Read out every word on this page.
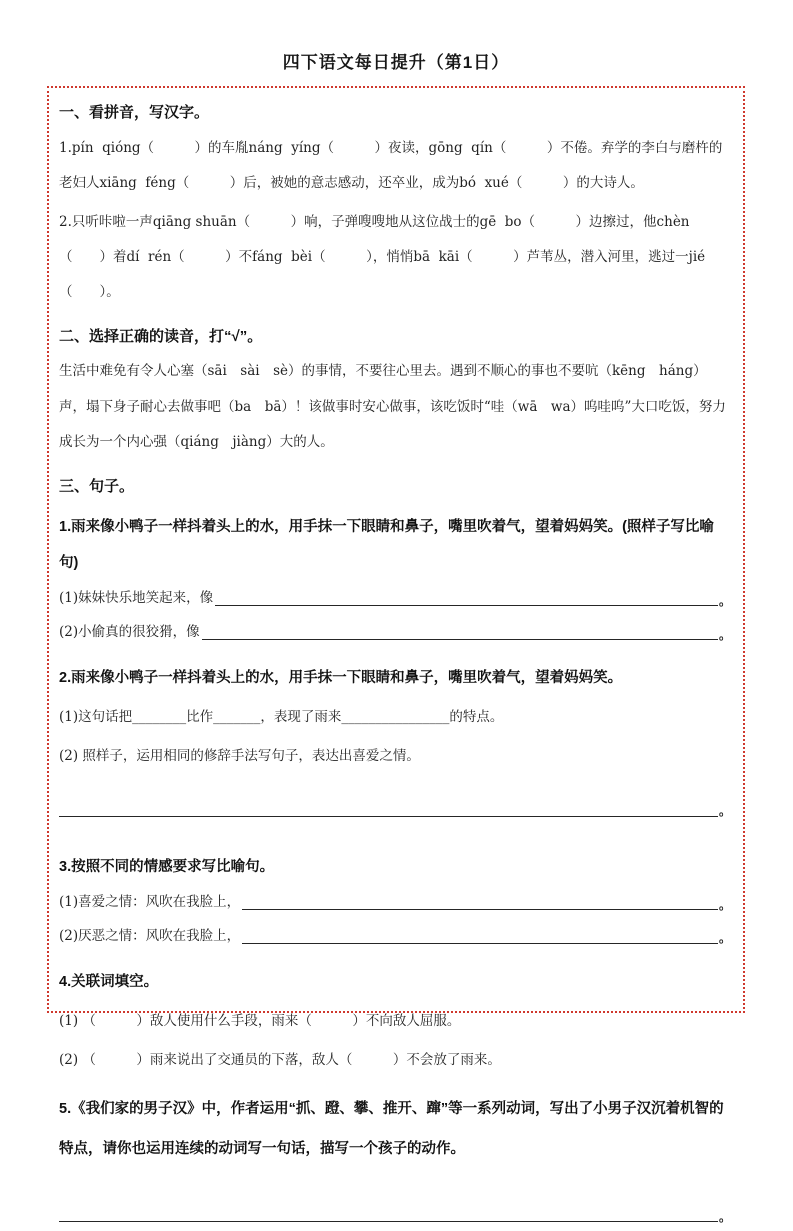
四下语文每日提升（第1日）
一、看拼音，写汉字。

1.pín  qióng（　　　）的车胤náng  yíng（　　　）夜读，gōng  qín（　　　）不倦。弃学的李白与磨杵的老妇人xiāng  féng（　　　）后，被她的意志感动，还卒业，成为bó  xué（　　　）的大诗人。

2.只听咔啦一声qiāng shuān（　　　）响，子弹嗖嗖地从这位战士的gē  bo（　　　）边擦过，他chèn（　　）着dí  rén（　　　）不fáng  bèi（　　　），悄悄bā  kāi（　　　）芦苇丛，潜入河里，逃过一jié（　　）。

二、选择正确的读音，打“√”。

生活中难免有令人心塞（sāi　sài　sè）的事情，不要往心里去。遇到不顺心的事也不要吭（kēng　háng）声，塌下身子耐心去做事吧（ba　bā）！该做事时安心做事，该吃饭时“哇（wā　wa）呜哇呜”大口吃饭，努力成长为一个内心强（qiáng　jiàng）大的人。

三、句子。
1.雨来像小鸭子一样抖着头上的水，用手抹一下眼睛和鼻子，嘴里吹着气，望着妈妈笑。(照样子写比喻句)
(1)妹妹快乐地笑起来，像	。
(2)小偷真的很狡猾，像	。
2.雨来像小鸭子一样抖着头上的水，用手抹一下眼睛和鼻子，嘴里吹着气，望着妈妈笑。

(1)这句话把________比作_______，表现了雨来________________的特点。

(2) 照样子，运用相同的修辞手法写句子，表达出喜爱之情。

。
3.按照不同的情感要求写比喻句。
(1)喜爱之情：风吹在我脸上，	。
(2)厌恶之情：风吹在我脸上，	。
4.关联词填空。

(1) （　　　）敌人使用什么手段，雨来（　　　）不向敌人屈服。

(2) （　　　）雨来说出了交通员的下落，敌人（　　　）不会放了雨来。

5.《我们家的男子汉》中，作者运用“抓、蹬、攀、推开、蹿”等一系列动词，写出了小男子汉沉着机智的特点，请你也运用连续的动词写一句话，描写一个孩子的动作。
。
